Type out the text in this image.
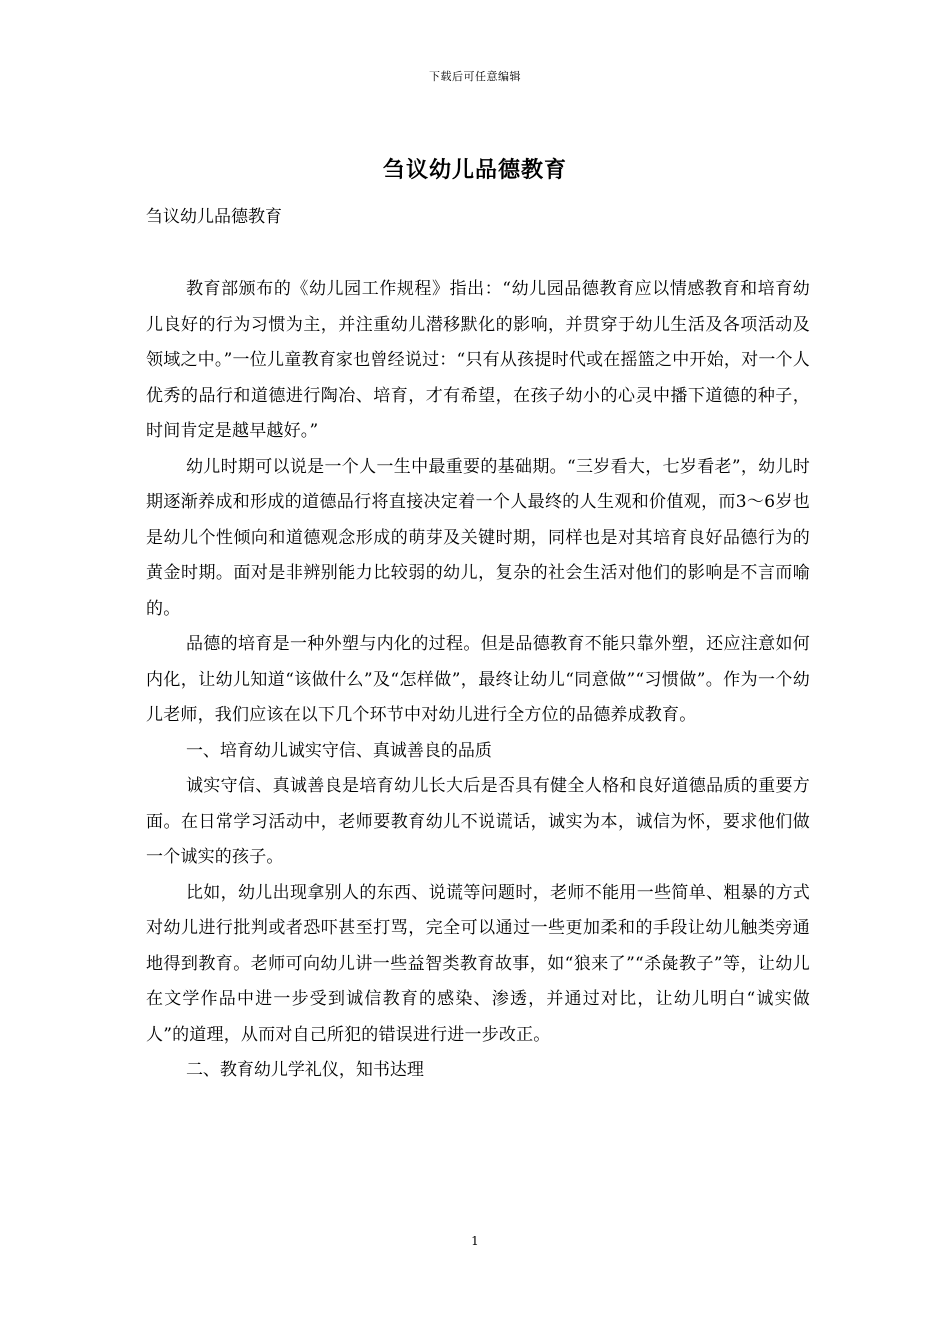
下载后可任意编辑
刍议幼儿品德教育
刍议幼儿品德教育

教育部颁布的《幼儿园工作规程》指出：“幼儿园品德教育应以情感教育和培育幼儿良好的行为习惯为主，并注重幼儿潜移默化的影响，并贯穿于幼儿生活及各项活动及领域之中。”一位儿童教育家也曾经说过：“只有从孩提时代或在摇篮之中开始，对一个人优秀的品行和道德进行陶冶、培育，才有希望，在孩子幼小的心灵中播下道德的种子，时间肯定是越早越好。”

幼儿时期可以说是一个人一生中最重要的基础期。“三岁看大，七岁看老”，幼儿时期逐渐养成和形成的道德品行将直接决定着一个人最终的人生观和价值观，而3～6岁也是幼儿个性倾向和道德观念形成的萌芽及关键时期，同样也是对其培育良好品德行为的黄金时期。面对是非辨别能力比较弱的幼儿，复杂的社会生活对他们的影响是不言而喻的。

品德的培育是一种外塑与内化的过程。但是品德教育不能只靠外塑，还应注意如何内化，让幼儿知道“该做什么”及“怎样做”，最终让幼儿“同意做”“习惯做”。作为一个幼儿老师，我们应该在以下几个环节中对幼儿进行全方位的品德养成教育。

一、培育幼儿诚实守信、真诚善良的品质

诚实守信、真诚善良是培育幼儿长大后是否具有健全人格和良好道德品质的重要方面。在日常学习活动中，老师要教育幼儿不说谎话，诚实为本，诚信为怀，要求他们做一个诚实的孩子。

比如，幼儿出现拿别人的东西、说谎等问题时，老师不能用一些简单、粗暴的方式对幼儿进行批判或者恐吓甚至打骂，完全可以通过一些更加柔和的手段让幼儿触类旁通地得到教育。老师可向幼儿讲一些益智类教育故事，如“狼来了”“杀彘教子”等，让幼儿在文学作品中进一步受到诚信教育的感染、渗透，并通过对比，让幼儿明白“诚实做人”的道理，从而对自己所犯的错误进行进一步改正。

二、教育幼儿学礼仪，知书达理

1
